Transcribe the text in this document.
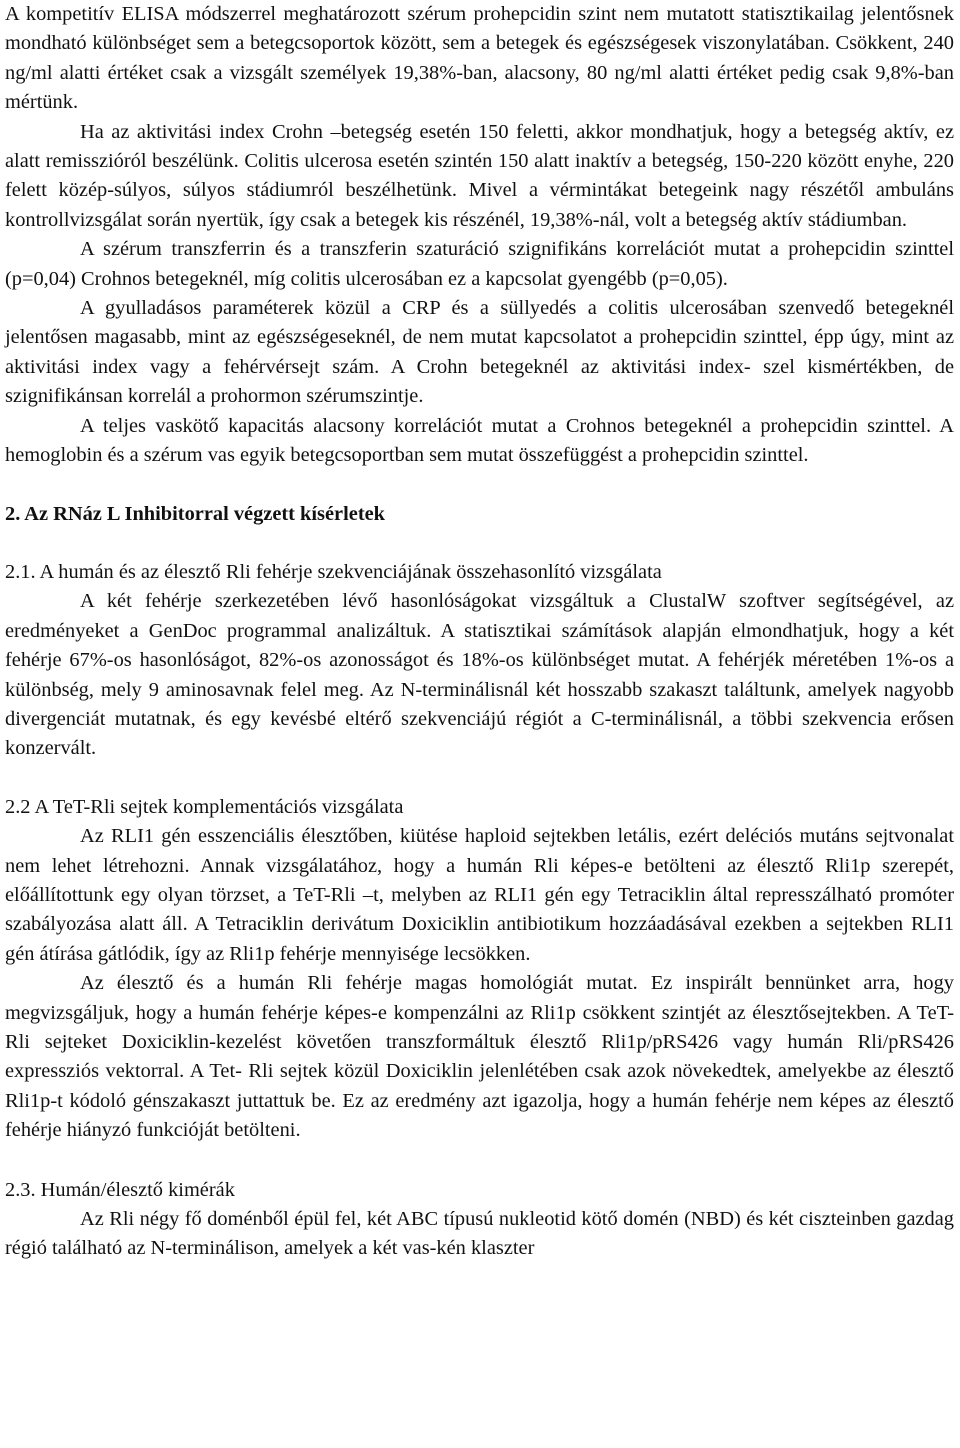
A kompetitív ELISA módszerrel meghatározott szérum prohepcidin szint nem mutatott statisztikailag jelentősnek mondható különbséget sem a betegcsoportok között, sem a betegek és egészségesek viszonylatában. Csökkent, 240 ng/ml alatti értéket csak a vizsgált személyek 19,38%-ban, alacsony, 80 ng/ml alatti értéket pedig csak 9,8%-ban mértünk.

Ha az aktivitási index Crohn –betegség esetén 150 feletti, akkor mondhatjuk, hogy a betegség aktív, ez alatt remisszióról beszélünk. Colitis ulcerosa esetén szintén 150 alatt inaktív a betegség, 150-220 között enyhe, 220 felett közép-súlyos, súlyos stádiumról beszélhetünk. Mivel a vérmintákat betegeink nagy részétől ambuláns kontrollvizsgálat során nyertük, így csak a betegek kis részénél, 19,38%-nál, volt a betegség aktív stádiumban.

A szérum transzferrin és a transzferin szaturáció szignifikáns korrelációt mutat a prohepcidin szinttel (p=0,04) Crohnos betegeknél, míg colitis ulcerosában ez a kapcsolat gyengébb (p=0,05).

A gyulladásos paraméterek közül a CRP és a süllyedés a colitis ulcerosában szenvedő betegeknél jelentősen magasabb, mint az egészségeseknél, de nem mutat kapcsolatot a prohepcidin szinttel, épp úgy, mint az aktivitási index vagy a fehérvérsejt szám. A Crohn betegeknél az aktivitási index- szel kismértékben, de szignifikánsan korrelál a prohormon szérumszintje.

A teljes vaskötő kapacitás alacsony korrelációt mutat a Crohnos betegeknél a prohepcidin szinttel. A hemoglobin és a szérum vas egyik betegcsoportban sem mutat összefüggést a prohepcidin szinttel.

2. Az RNáz L Inhibitorral végzett kísérletek

2.1. A humán és az élesztő Rli fehérje szekvenciájának összehasonlító vizsgálata

A két fehérje szerkezetében lévő hasonlóságokat vizsgáltuk a ClustalW szoftver segítségével, az eredményeket a GenDoc programmal analizáltuk. A statisztikai számítások alapján elmondhatjuk, hogy a két fehérje 67%-os hasonlóságot, 82%-os azonosságot és 18%-os különbséget mutat. A fehérjék méretében 1%-os a különbség, mely 9 aminosavnak felel meg. Az N-terminálisnál két hosszabb szakaszt találtunk, amelyek nagyobb divergenciát mutatnak, és egy kevésbé eltérő szekvenciájú régiót a C-terminálisnál, a többi szekvencia erősen konzervált.

2.2 A TeT-Rli sejtek komplementációs vizsgálata

Az RLI1 gén esszenciális élesztőben, kiütése haploid sejtekben letális, ezért deléciós mutáns sejtvonalat nem lehet létrehozni. Annak vizsgálatához, hogy a humán Rli képes-e betölteni az élesztő Rli1p szerepét, előállítottunk egy olyan törzset, a TeT-Rli –t, melyben az RLI1 gén egy Tetraciklin által represszálható promóter szabályozása alatt áll. A Tetraciklin derivátum Doxiciklin antibiotikum hozzáadásával ezekben a sejtekben RLI1 gén átírása gátlódik, így az Rli1p fehérje mennyisége lecsökken.

Az élesztő és a humán Rli fehérje magas homológiát mutat. Ez inspirált bennünket arra, hogy megvizsgáljuk, hogy a humán fehérje képes-e kompenzálni az Rli1p csökkent szintjét az élesztősejtekben. A TeT-Rli sejteket Doxiciklin-kezelést követően transzformáltuk élesztő Rli1p/pRS426 vagy humán Rli/pRS426 expressziós vektorral. A Tet- Rli sejtek közül Doxiciklin jelenlétében csak azok növekedtek, amelyekbe az élesztő Rli1p-t kódoló génszakaszt juttattuk be. Ez az eredmény azt igazolja, hogy a humán fehérje nem képes az élesztő fehérje hiányzó funkcióját betölteni.

2.3. Humán/élesztő kimérák

Az Rli négy fő doménből épül fel, két ABC típusú nukleotid kötő domén (NBD) és két ciszteinben gazdag régió található az N-terminálison, amelyek a két vas-kén klaszter
